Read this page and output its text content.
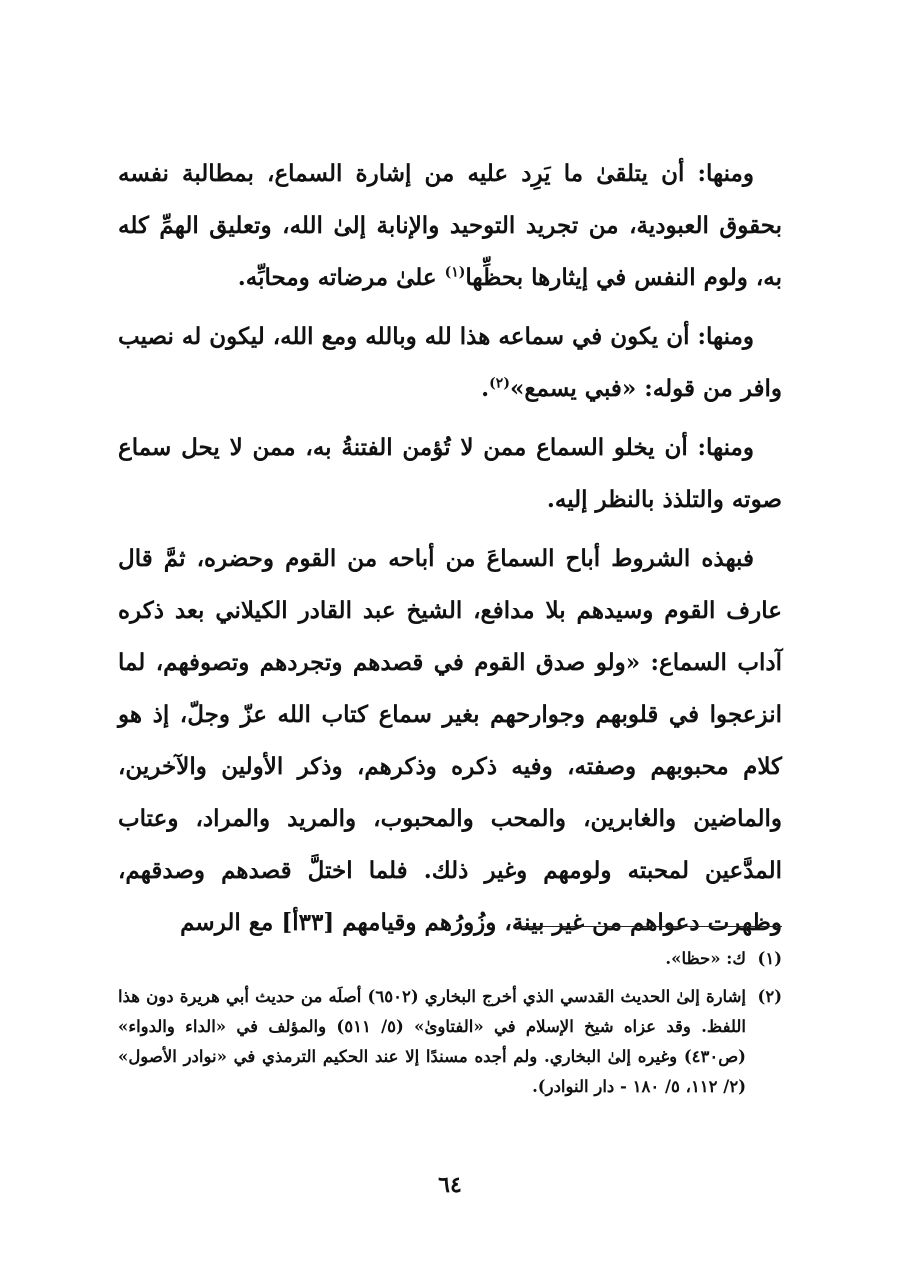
ومنها: أن يتلقىٰ ما يَرِد عليه من إشارة السماع، بمطالبة نفسه بحقوق العبودية، من تجريد التوحيد والإنابة إلىٰ الله، وتعليق الهمِّ كله به، ولوم النفس في إيثارها بحظِّها$^{(١)}$ علىٰ مرضاته ومحابِّه.

ومنها: أن يكون في سماعه هذا لله وبالله ومع الله، ليكون له نصيب وافر من قوله: «فبي يسمع»$^{(٢)}$.

ومنها: أن يخلو السماع ممن لا تُؤمن الفتنةُ به، ممن لا يحل سماع صوته والتلذذ بالنظر إليه.

فبهذه الشروط أباح السماعَ من أباحه من القوم وحضره، ثمَّ قال عارف القوم وسيدهم بلا مدافع، الشيخ عبد القادر الكيلاني بعد ذكره آداب السماع: «ولو صدق القوم في قصدهم وتجردهم وتصوفهم، لما انزعجوا في قلوبهم وجوارحهم بغير سماع كتاب الله عزّ وجلّ، إذ هو كلام محبوبهم وصفته، وفيه ذكره وذكرهم، وذكر الأولين والآخرين، والماضين والغابرين، والمحب والمحبوب، والمريد والمراد، وعتاب المدَّعين لمحبته ولومهم وغير ذلك. فلما اختلَّ قصدهم وصدقهم، وظهرت دعواهم من غير بينة، وزُورُهم وقيامهم [٣٣أ] مع الرسم

(١)
ك: «حظا».
(٢)
إشارة إلىٰ الحديث القدسي الذي أخرج البخاري (٦٥٠٢) أصلَه من حديث أبي هريرة دون هذا اللفظ. وقد عزاه شيخ الإسلام في «الفتاوىٰ» (٥/ ٥١١) والمؤلف في «الداء والدواء» (ص٤٣٠) وغيره إلىٰ البخاري. ولم أجده مسندًا إلا عند الحكيم الترمذي في «نوادر الأصول» (٢/ ١١٢، ٥/ ١٨٠ - دار النوادر).
٦٤
